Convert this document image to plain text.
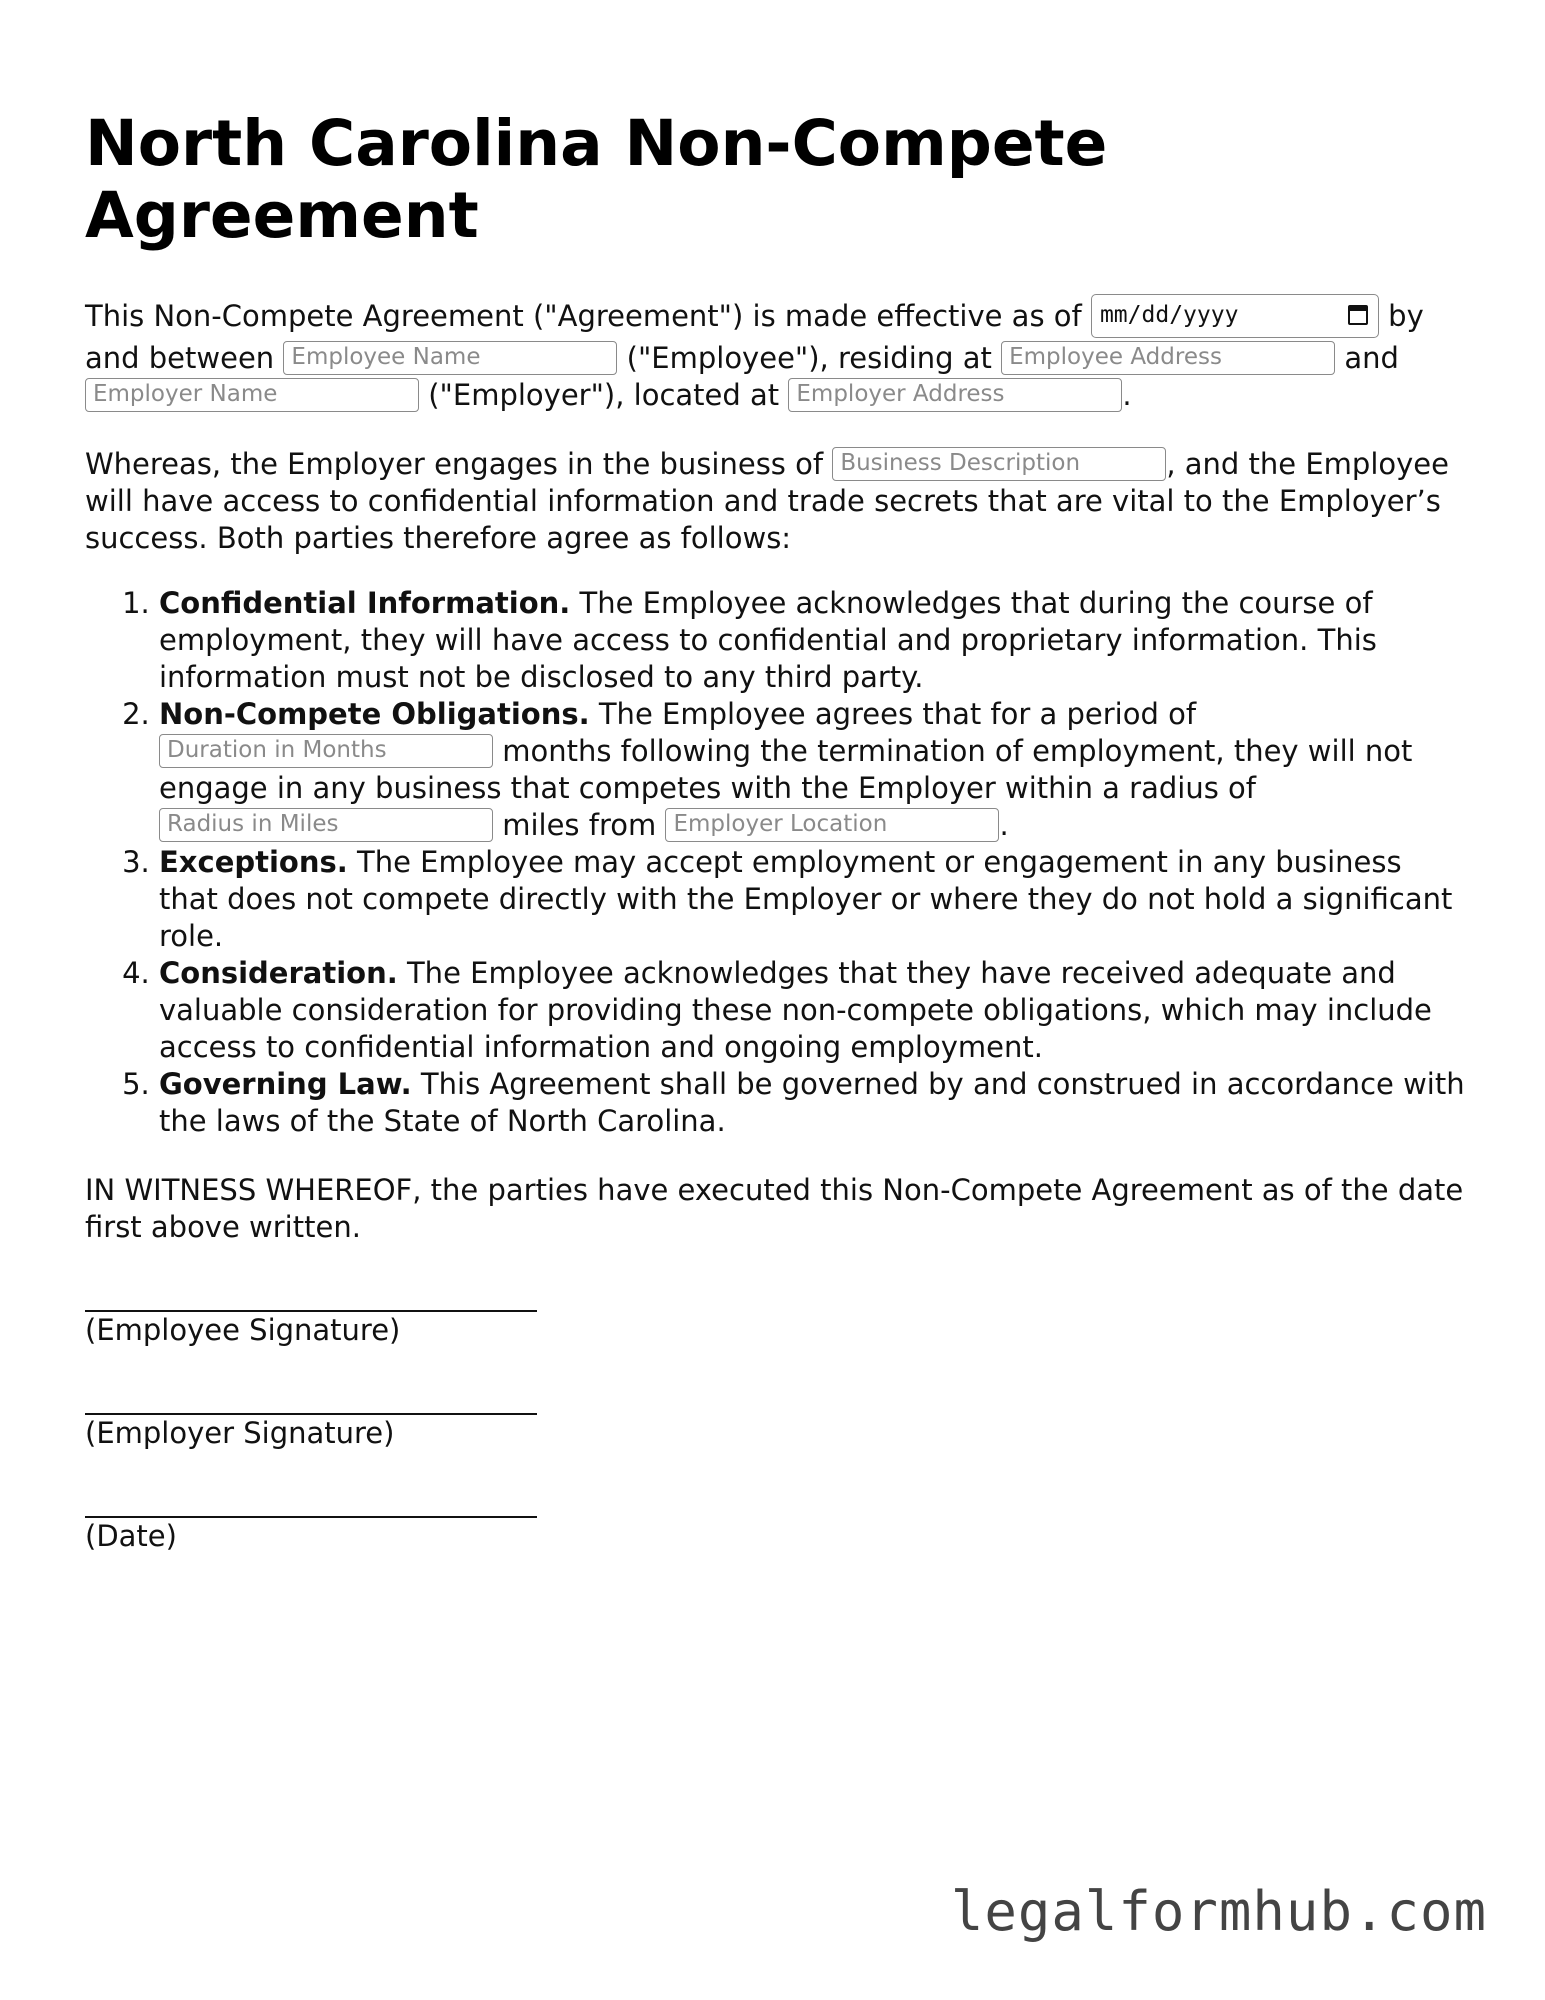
North Carolina Non-Compete Agreement

This Non-Compete Agreement ("Agreement") is made effective as of mm/dd/yyyy	by and between Employee Name	("Employee"), residing at Employee Address	and Employer Name	("Employer"), located at Employer Address	.

Whereas, the Employer engages in the business of Business Description	, and the Employee will have access to confidential information and trade secrets that are vital to the Employer’s success. Both parties therefore agree as follows:

1. Confidential Information. The Employee acknowledges that during the course of employment, they will have access to confidential and proprietary information. This information must not be disclosed to any third party.
2. Non-Compete Obligations. The Employee agrees that for a period of Duration in Months	months following the termination of employment, they will not engage in any business that competes with the Employer within a radius of Radius in Miles	miles from Employer Location	.
3. Exceptions. The Employee may accept employment or engagement in any business that does not compete directly with the Employer or where they do not hold a significant role.
4. Consideration. The Employee acknowledges that they have received adequate and valuable consideration for providing these non-compete obligations, which may include access to confidential information and ongoing employment.
5. Governing Law. This Agreement shall be governed by and construed in accordance with the laws of the State of North Carolina.

IN WITNESS WHEREOF, the parties have executed this Non-Compete Agreement as of the date first above written.

(Employee Signature)

(Employer Signature)

(Date)

legalformhub.com
